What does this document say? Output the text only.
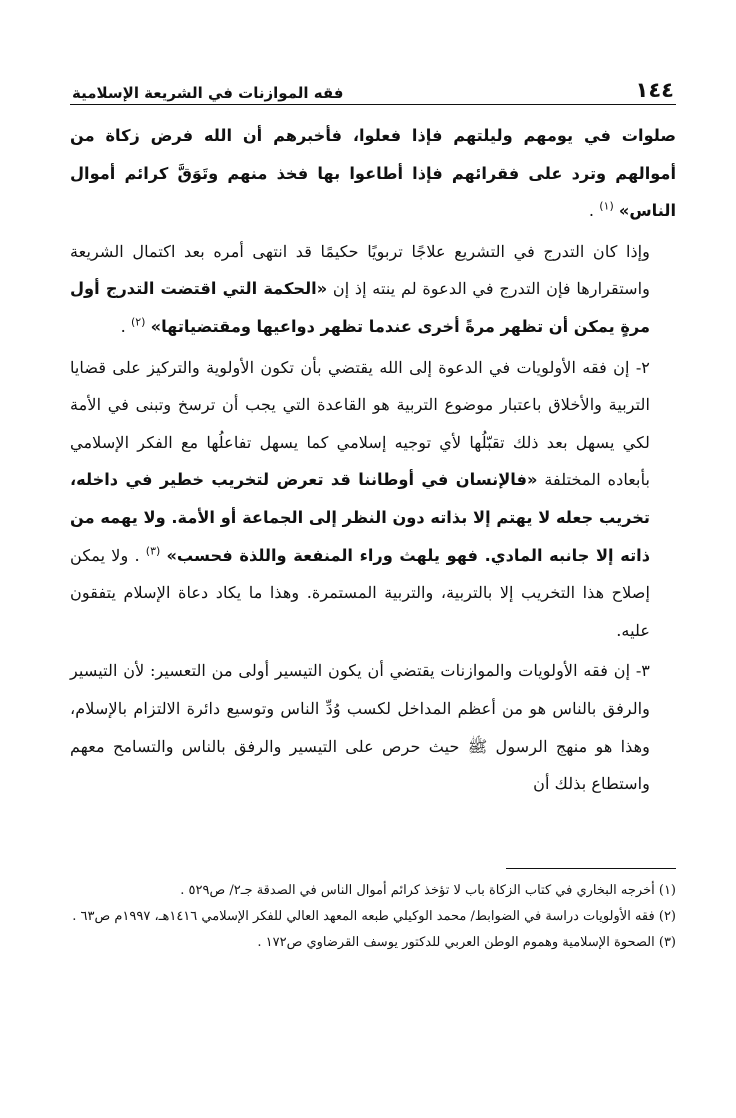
١٤٤
فقه الموازنات في الشريعة الإسلامية

صلوات في يومهم وليلتهم فإذا فعلوا، فأخبرهم أن الله فرض زكاة من أموالهم وترد على فقرائهم فإذا أطاعوا بها فخذ منهم وتَوَقَّ كرائم أموال الناس» $^{(١)}$ .

وإذا كان التدرج في التشريع علاجًا تربويًا حكيمًا قد انتهى أمره بعد اكتمال الشريعة واستقرارها فإن التدرج في الدعوة لم ينته إذ إن «الحكمة التي اقتضت التدرج أول مرةٍ يمكن أن تظهر مرةً أخرى عندما تظهر دواعيها ومقتضياتها» $^{(٢)}$ .

٢- إن فقه الأولويات في الدعوة إلى الله يقتضي بأن تكون الأولوية والتركيز على قضايا التربية والأخلاق باعتبار موضوع التربية هو القاعدة التي يجب أن ترسخ وتبنى في الأمة لكي يسهل بعد ذلك تقبّلُها لأي توجيه إسلامي كما يسهل تفاعلُها مع الفكر الإسلامي بأبعاده المختلفة «فالإنسان في أوطاننا قد تعرض لتخريب خطير في داخله، تخريب جعله لا يهتم إلا بذاته دون النظر إلى الجماعة أو الأمة. ولا يهمه من ذاته إلا جانبه المادي. فهو يلهث وراء المنفعة واللذة فحسب» $^{(٣)}$ . ولا يمكن إصلاح هذا التخريب إلا بالتربية، والتربية المستمرة. وهذا ما يكاد دعاة الإسلام يتفقون عليه.

٣- إن فقه الأولويات والموازنات يقتضي أن يكون التيسير أولى من التعسير: لأن التيسير والرفق بالناس هو من أعظم المداخل لكسب وُدِّ الناس وتوسيع دائرة الالتزام بالإسلام، وهذا هو منهج الرسول ﷺ حيث حرص على التيسير والرفق بالناس والتسامح معهم واستطاع بذلك أن

(١) أخرجه البخاري في كتاب الزكاة باب لا تؤخذ كرائم أموال الناس في الصدقة جـ٢/ ص٥٢٩ .

(٢) فقه الأولويات دراسة في الضوابط/ محمد الوكيلي طبعه المعهد العالي للفكر الإسلامي ١٤١٦هـ، ١٩٩٧م ص٦٣ .

(٣) الصحوة الإسلامية وهموم الوطن العربي للدكتور يوسف القرضاوي ص١٧٢ .
